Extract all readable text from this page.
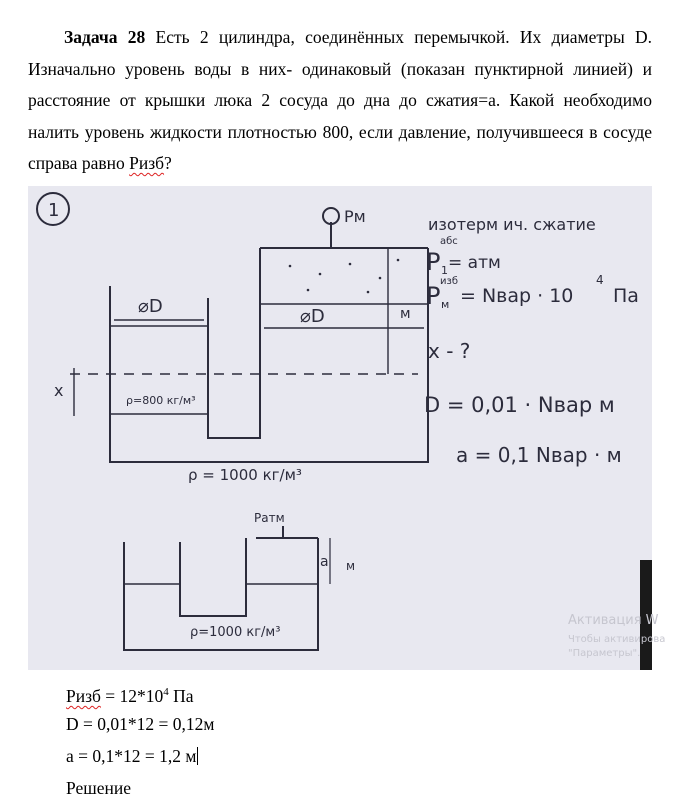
Задача 28 Есть 2 цилиндра, соединённых перемычкой. Их диаметры D. Изначально уровень воды в них- одинаковый (показан пунктирной линией) и расстояние от крышки люка 2 сосуда до дна до сжатия=а. Какой необходимо налить уровень жидкости плотностью 800, если давление, получившееся в сосуде справа равно Ризб?
1	Pм
⌀D	⌀D	м
x
ρ=800 кг/м³
ρ = 1000 кг/м³
изотерм ич. сжатие
абс
P 1 = атм
изб
P м = Nвар · 10
4
Па
x - ?
D = 0,01 · Nвар м
a = 0,1 Nвар · м
Pатм
a м
ρ=1000 кг/м³
Активация W
Чтобы активирова
"Параметры".
Ризб = $12*10^4$ Па
D = 0,01*12 = 0,12м
а = 0,1*12 = 1,2 м
Решение
